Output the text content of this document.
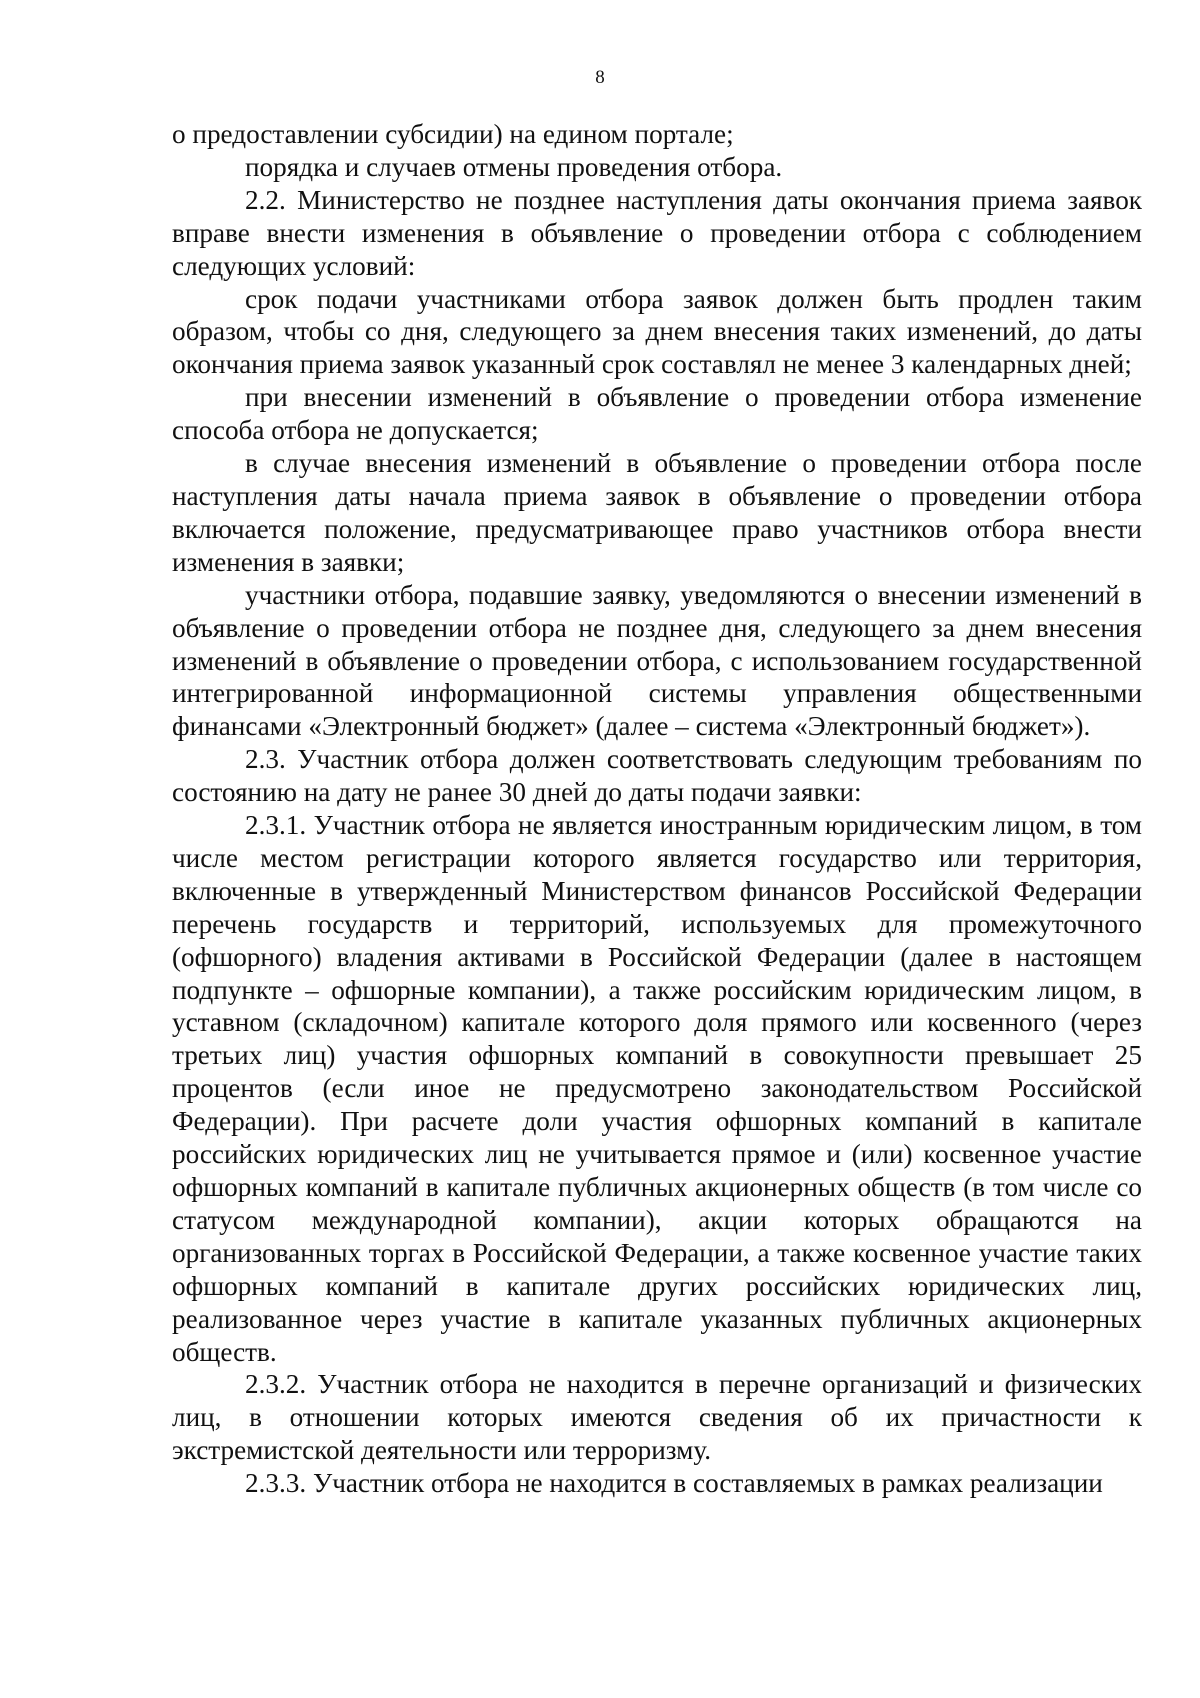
8

о предоставлении субсидии) на едином портале;

порядка и случаев отмены проведения отбора.

2.2. Министерство не позднее наступления даты окончания приема заявок вправе внести изменения в объявление о проведении отбора с соблюдением следующих условий:

срок подачи участниками отбора заявок должен быть продлен таким образом, чтобы со дня, следующего за днем внесения таких изменений, до даты окончания приема заявок указанный срок составлял не менее 3 календарных дней;

при внесении изменений в объявление о проведении отбора изменение способа отбора не допускается;

в случае внесения изменений в объявление о проведении отбора после наступления даты начала приема заявок в объявление о проведении отбора включается положение, предусматривающее право участников отбора внести изменения в заявки;

участники отбора, подавшие заявку, уведомляются о внесении изменений в объявление о проведении отбора не позднее дня, следующего за днем внесения изменений в объявление о проведении отбора, с использованием государственной интегрированной информационной системы управления общественными финансами «Электронный бюджет» (далее – система «Электронный бюджет»).

2.3. Участник отбора должен соответствовать следующим требованиям по состоянию на дату не ранее 30 дней до даты подачи заявки:

2.3.1. Участник отбора не является иностранным юридическим лицом, в том числе местом регистрации которого является государство или территория, включенные в утвержденный Министерством финансов Российской Федерации перечень государств и территорий, используемых для промежуточного (офшорного) владения активами в Российской Федерации (далее в настоящем подпункте – офшорные компании), а также российским юридическим лицом, в уставном (складочном) капитале которого доля прямого или косвенного (через третьих лиц) участия офшорных компаний в совокупности превышает 25 процентов (если иное не предусмотрено законодательством Российской Федерации). При расчете доли участия офшорных компаний в капитале российских юридических лиц не учитывается прямое и (или) косвенное участие офшорных компаний в капитале публичных акционерных обществ (в том числе со статусом международной компании), акции которых обращаются на организованных торгах в Российской Федерации, а также косвенное участие таких офшорных компаний в капитале других российских юридических лиц, реализованное через участие в капитале указанных публичных акционерных обществ.

2.3.2. Участник отбора не находится в перечне организаций и физических лиц, в отношении которых имеются сведения об их причастности к экстремистской деятельности или терроризму.

2.3.3. Участник отбора не находится в составляемых в рамках реализации
